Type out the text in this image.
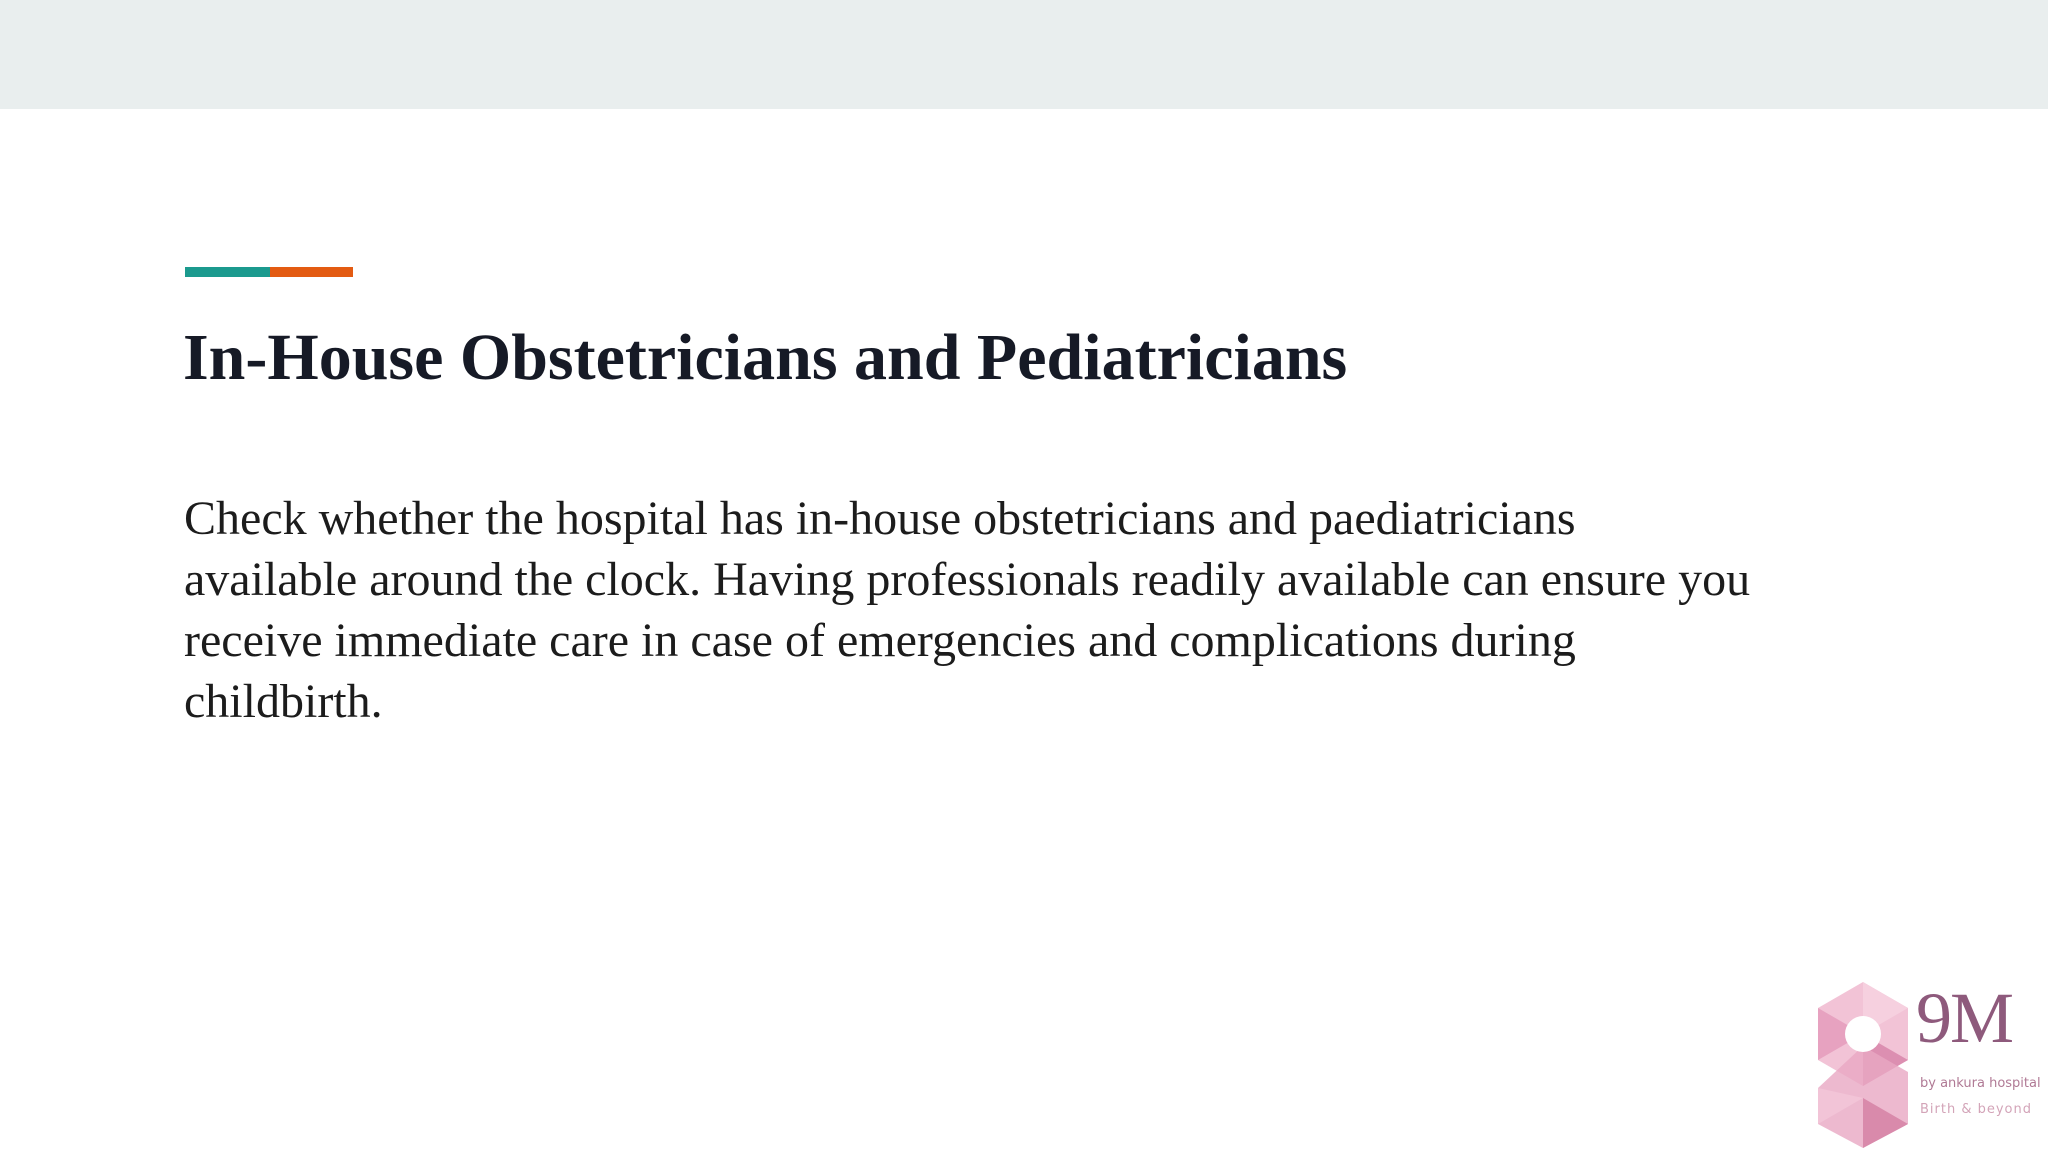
In-House Obstetricians and Pediatricians

Check whether the hospital has in-house obstetricians and paediatricians
available around the clock. Having professionals readily available can ensure you
receive immediate care in case of emergencies and complications during
childbirth.

9M
by ankura hospital
Birth & beyond
